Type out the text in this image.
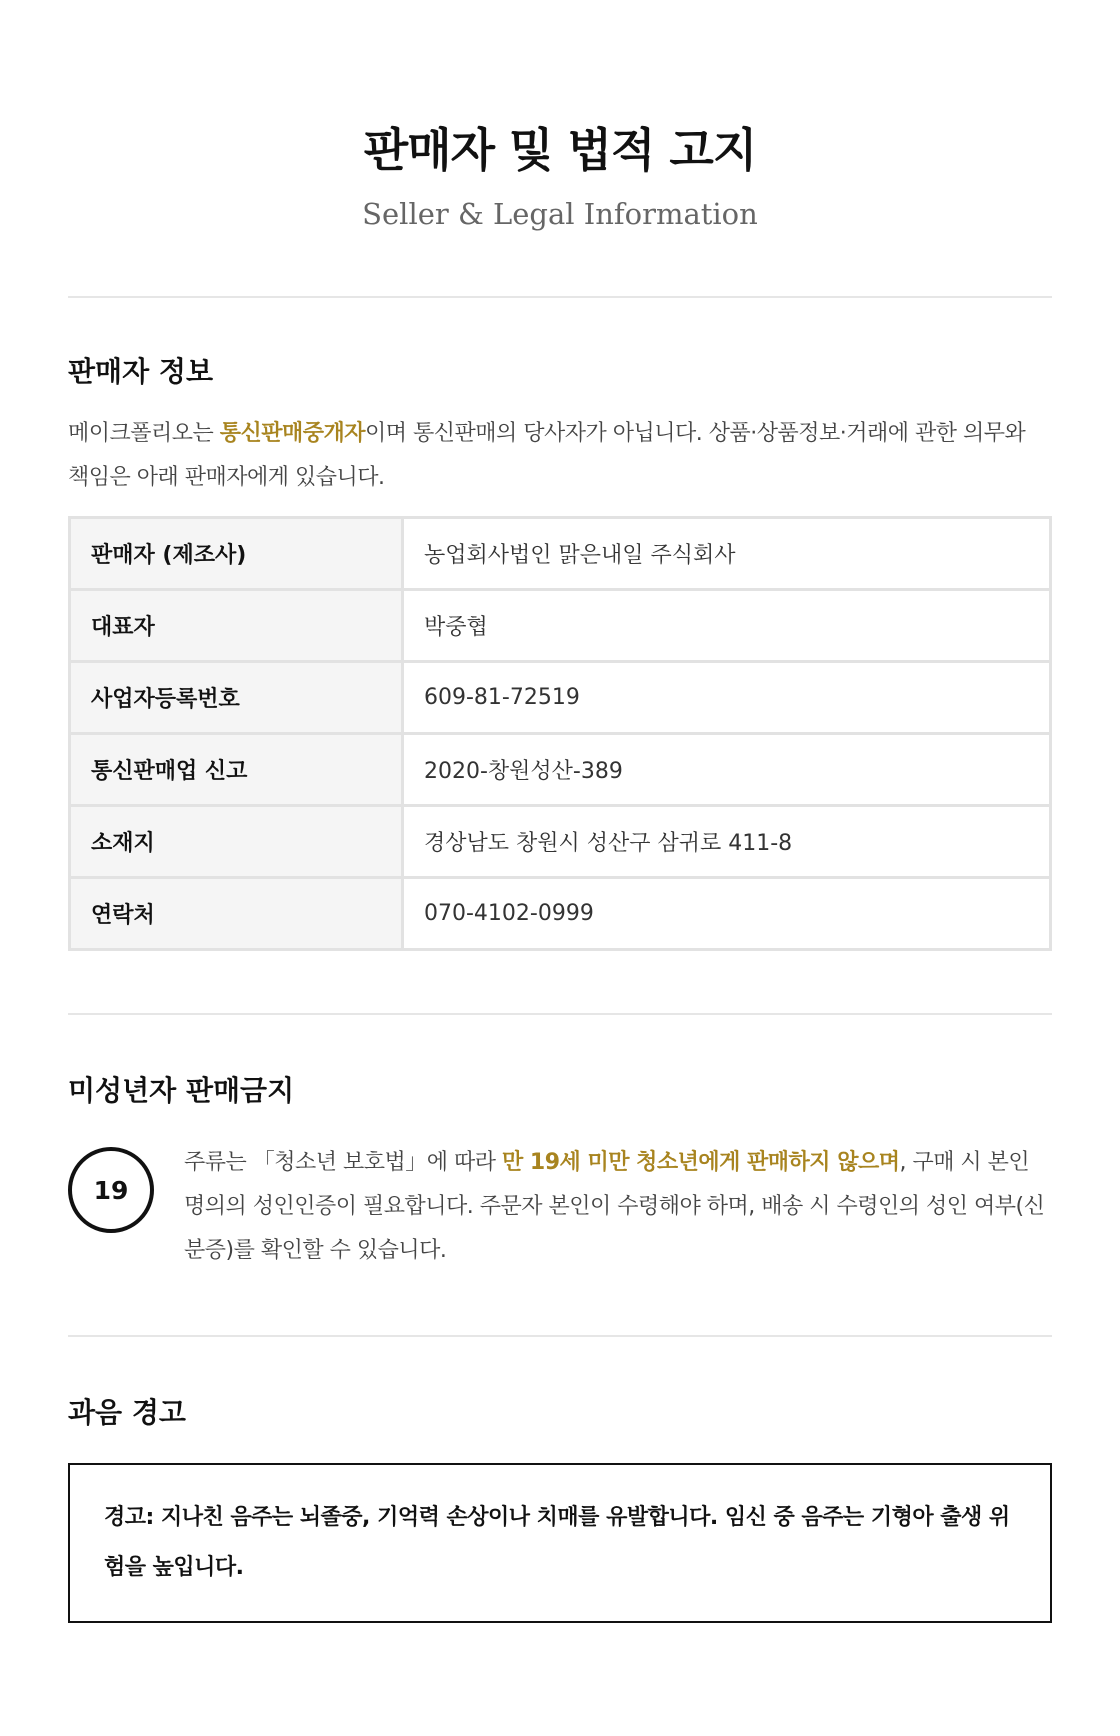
판매자 및 법적 고지
Seller & Legal Information
판매자 정보

메이크폴리오는 통신판매중개자이며 통신판매의 당사자가 아닙니다. 상품·상품정보·거래에 관한 의무와 책임은 아래 판매자에게 있습니다.

판매자 (제조사)	농업회사법인 맑은내일 주식회사
대표자	박중협
사업자등록번호	609-81-72519
통신판매업 신고	2020-창원성산-389
소재지	경상남도 창원시 성산구 삼귀로 411-8
연락처	070-4102-0999
미성년자 판매금지
19

주류는 「청소년 보호법」에 따라 만 19세 미만 청소년에게 판매하지 않으며, 구매 시 본인 명의의 성인인증이 필요합니다. 주문자 본인이 수령해야 하며, 배송 시 수령인의 성인 여부(신분증)를 확인할 수 있습니다.

과음 경고

경고: 지나친 음주는 뇌졸중, 기억력 손상이나 치매를 유발합니다. 임신 중 음주는 기형아 출생 위험을 높입니다.
